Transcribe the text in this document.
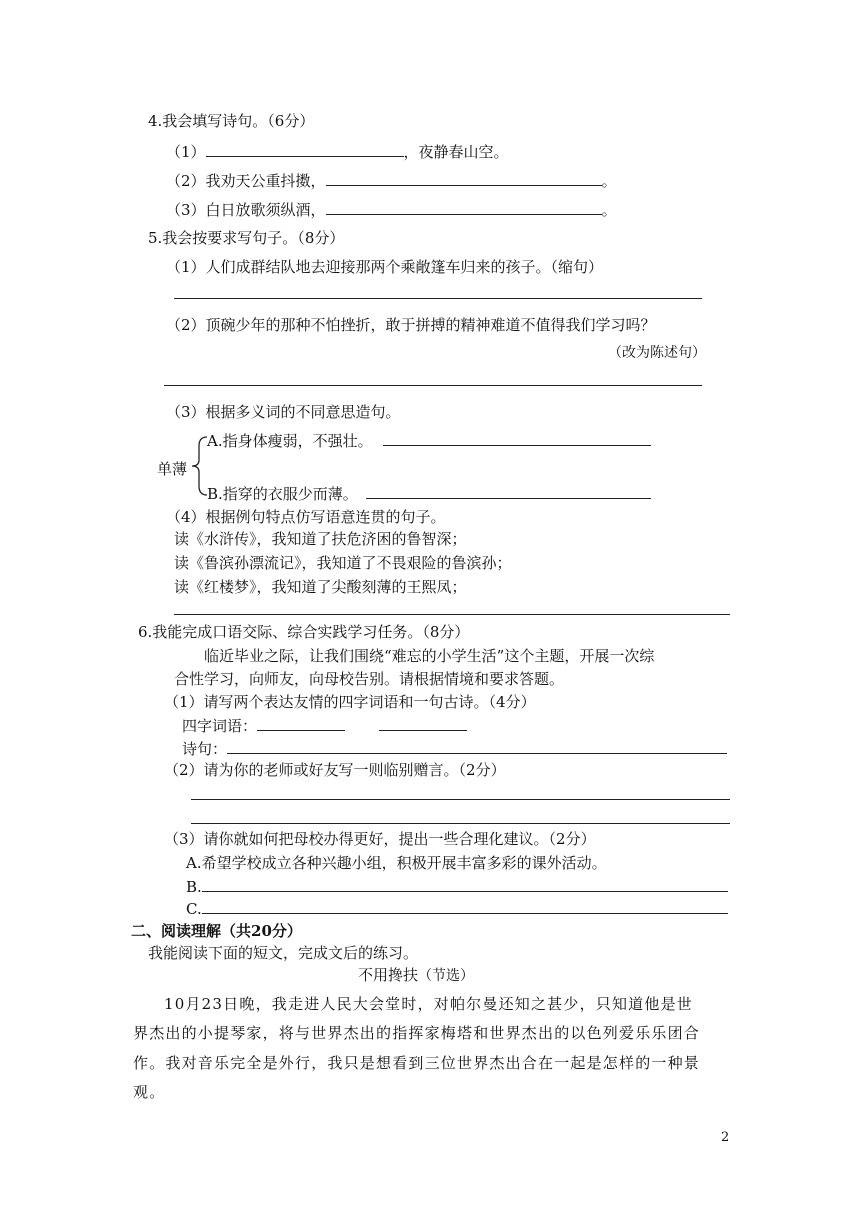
4.我会填写诗句。（6分）
（1）	，夜静春山空。
（2）我劝天公重抖擞，	。
（3）白日放歌须纵酒，	。
5.我会按要求写句子。（8分）
（1）人们成群结队地去迎接那两个乘敞篷车归来的孩子。（缩句）
（2）顶碗少年的那种不怕挫折，敢于拼搏的精神难道不值得我们学习吗？
（改为陈述句）
（3）根据多义词的不同意思造句。
单薄
A.指身体瘦弱，不强壮。
B.指穿的衣服少而薄。
（4）根据例句特点仿写语意连贯的句子。
读《水浒传》，我知道了扶危济困的鲁智深；
读《鲁滨孙漂流记》，我知道了不畏艰险的鲁滨孙；
读《红楼梦》，我知道了尖酸刻薄的王熙凤；
6.我能完成口语交际、综合实践学习任务。（8分）
临近毕业之际，让我们围绕“难忘的小学生活”这个主题，开展一次综
合性学习，向师友，向母校告别。请根据情境和要求答题。
（1）请写两个表达友情的四字词语和一句古诗。（4分）
四字词语：
诗句：
（2）请为你的老师或好友写一则临别赠言。（2分）
（3）请你就如何把母校办得更好，提出一些合理化建议。（2分）
A.希望学校成立各种兴趣小组，积极开展丰富多彩的课外活动。
B.
C.
二、阅读理解（共20分）
我能阅读下面的短文，完成文后的练习。
不用搀扶（节选）
10月23日晚，我走进人民大会堂时，对帕尔曼还知之甚少，只知道他是世
界杰出的小提琴家，将与世界杰出的指挥家梅塔和世界杰出的以色列爱乐乐团合
作。我对音乐完全是外行，我只是想看到三位世界杰出合在一起是怎样的一种景
观。
2
